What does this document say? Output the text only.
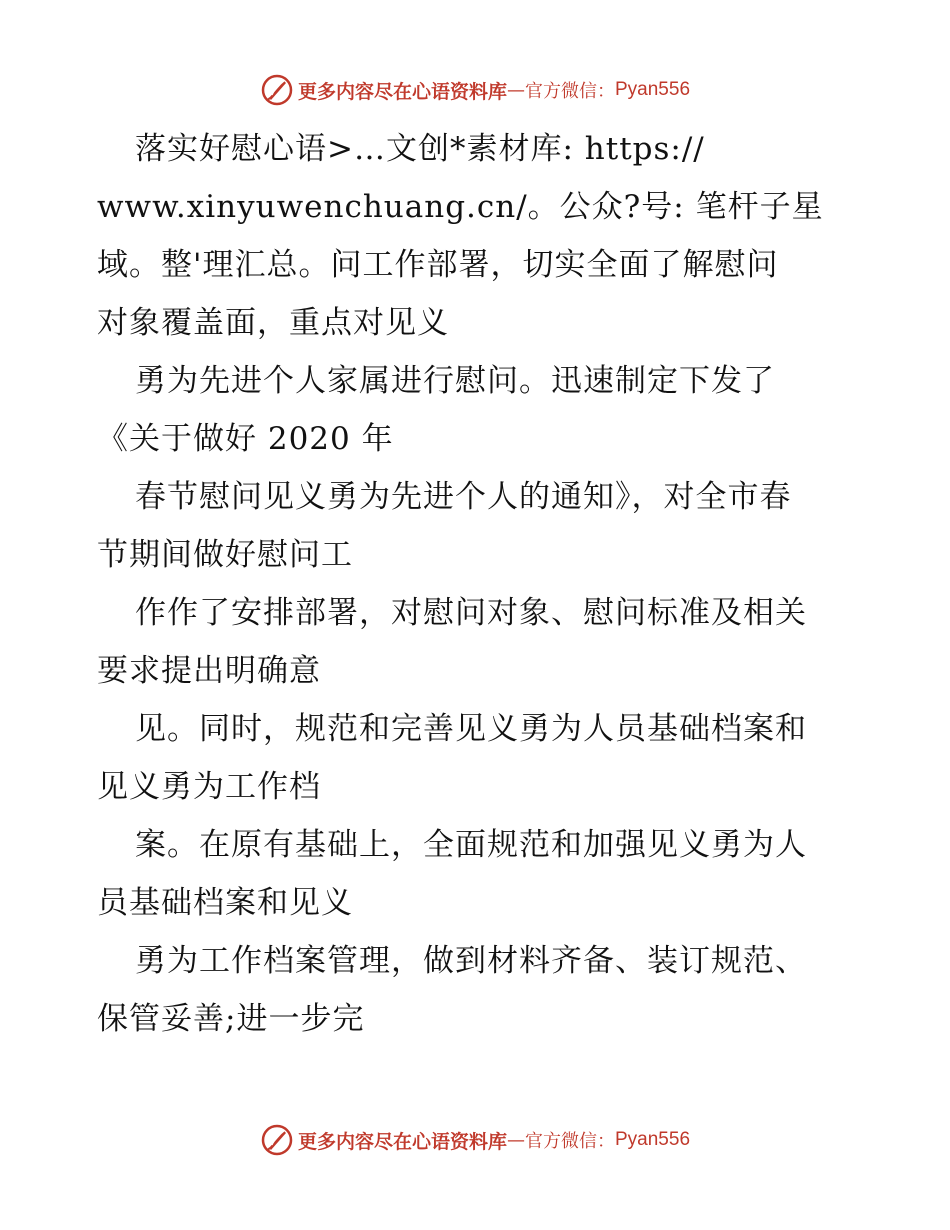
更多内容尽在心语资料库 — 官方微信： Pyan556
落实好慰心语>…文创*素材库: https://
www.xinyuwenchuang.cn/。公众?号: 笔杆子星
域。整'理汇总。问工作部署，切实全面了解慰问
对象覆盖面，重点对见义
勇为先进个人家属进行慰问。迅速制定下发了
《关于做好 2020 年
春节慰问见义勇为先进个人的通知》，对全市春
节期间做好慰问工
作作了安排部署，对慰问对象、慰问标准及相关
要求提出明确意
见。同时，规范和完善见义勇为人员基础档案和
见义勇为工作档
案。在原有基础上，全面规范和加强见义勇为人
员基础档案和见义
勇为工作档案管理，做到材料齐备、装订规范、
保管妥善;进一步完
更多内容尽在心语资料库 — 官方微信： Pyan556
